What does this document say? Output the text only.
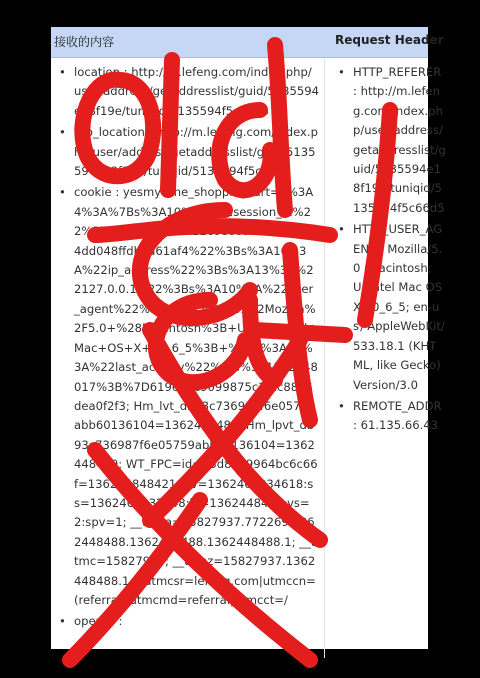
接收的内容	Request Header
• location : http://m.lefeng.com/index.php/user/address/getaddresslist/guid/5135594e18f19e/tuniqid/5135594f5c66d5
• top_location : http://m.lefeng.com/index.php/user/address/getaddresslist/guid/5135594e18f19e/tuniqid/5135594f5c66d5
• cookie : yesmywine_shoppingcart=a%3A4%3A%7Bs%3A10%3A%22session_id%22%3Bs%3A32%3A%22c0e6055011410024dd048ffdb3a61af4%22%3Bs%3A10%3A%22ip_address%22%3Bs%3A13%3A%22127.0.0.1%22%3Bs%3A10%3A%22user_agent%22%3Bs%3A50%3A%22Mozilla%2F5.0+%28Macintosh%3B+U%3B+Intel+Mac+OS+X+10_6_5%3B+%3Bs%3A13%3A%22last_activity%22%3Bi%3A1362448017%3B%7D619e52c9099875c3f1c88e6dea0f2f3; Hm_lvt_db93c736987f6e05759abb60136104=1362448489; Hm_lpvt_db93c736987f6e05759abb60136104=1362448489; WT_FPC=id=23d8ab9964bc6c66f=1362448484210:lv=1362466034618:ss=1362466032148:lv=1362448484:vs=2:spv=1; __utma=15827937.772269.1362448488.1362448488.1362448488.1; __utmc=15827937; __utmz=15827937.1362448488.1.1.utmcsr=lefeng.com|utmccn=(referral)|utmcmd=referral|utmcct=/
• opener :
• HTTP_REFERER : http://m.lefeng.com/index.php/user/address/getaddresslist/guid/5135594e18f19e/tuniqid/5135594f5c66d5
• HTTP_USER_AGENT : Mozilla/5.0 (Macintosh; U; Intel Mac OS X 10_6_5; en-us) AppleWebKit/533.18.1 (KHTML, like Gecko) Version/3.0
• REMOTE_ADDR : 61.135.66.43
